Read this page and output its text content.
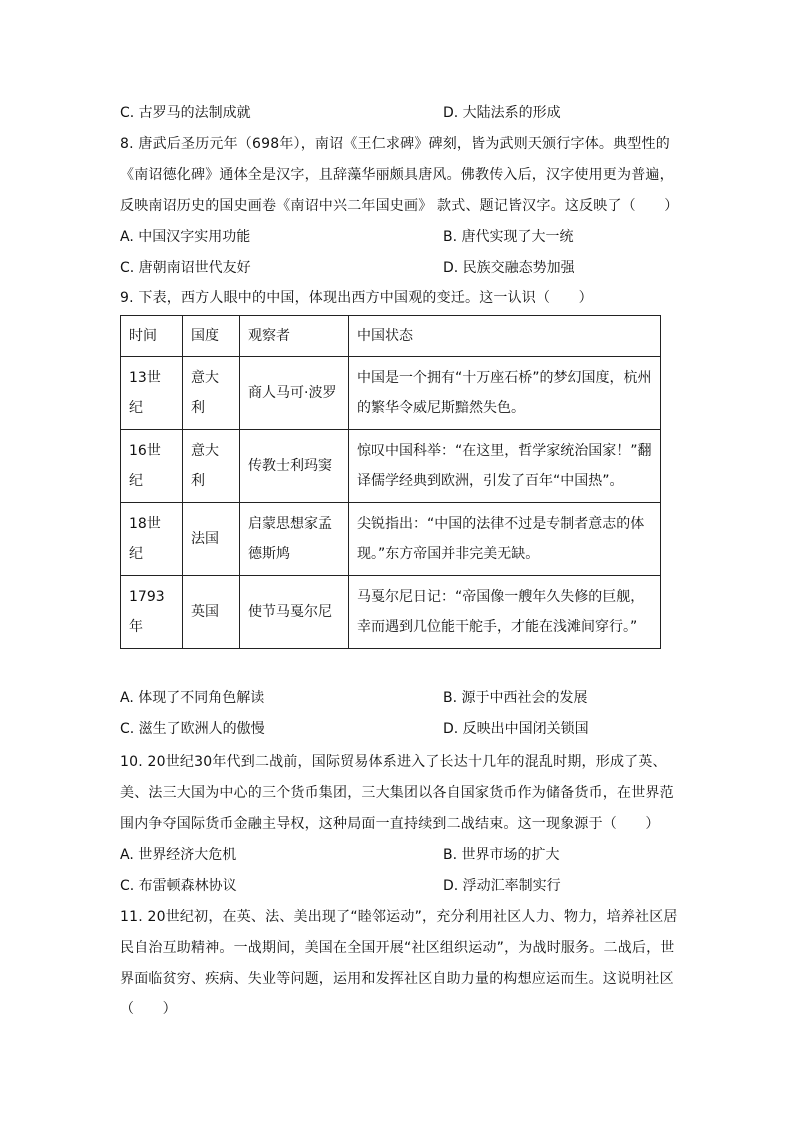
C. 古罗马的法制成就	D. 大陆法系的形成
8. 唐武后圣历元年（698年），南诏《王仁求碑》碑刻，皆为武则天颁行字体。典型性的
《南诏德化碑》通体全是汉字，且辞藻华丽颇具唐风。佛教传入后，汉字使用更为普遍，
反映南诏历史的国史画卷《南诏中兴二年国史画》 款式、题记皆汉字。这反映了（　　）
A. 中国汉字实用功能	B. 唐代实现了大一统
C. 唐朝南诏世代友好	D. 民族交融态势加强
9. 下表，西方人眼中的中国，体现出西方中国观的变迁。这一认识（　　）
时间	国度	观察者	中国状态
13世纪	意大利	商人马可·波罗	中国是一个拥有“十万座石桥”的梦幻国度，杭州的繁华令威尼斯黯然失色。
16世纪	意大利	传教士利玛窦	惊叹中国科举：“在这里，哲学家统治国家！”翻译儒学经典到欧洲，引发了百年“中国热”。
18世纪	法国	启蒙思想家孟德斯鸠	尖锐指出：“中国的法律不过是专制者意志的体现。”东方帝国并非完美无缺。
1793年	英国	使节马戛尔尼	马戛尔尼日记：“帝国像一艘年久失修的巨舰，幸而遇到几位能干舵手，才能在浅滩间穿行。”
A. 体现了不同角色解读	B. 源于中西社会的发展
C. 滋生了欧洲人的傲慢	D. 反映出中国闭关锁国
10. 20世纪30年代到二战前，国际贸易体系进入了长达十几年的混乱时期，形成了英、
美、法三大国为中心的三个货币集团，三大集团以各自国家货币作为储备货币，在世界范
围内争夺国际货币金融主导权，这种局面一直持续到二战结束。这一现象源于（　　）
A. 世界经济大危机	B. 世界市场的扩大
C. 布雷顿森林协议	D. 浮动汇率制实行
11. 20世纪初，在英、法、美出现了“睦邻运动”，充分利用社区人力、物力，培养社区居
民自治互助精神。一战期间，美国在全国开展“社区组织运动”，为战时服务。二战后，世
界面临贫穷、疾病、失业等问题，运用和发挥社区自助力量的构想应运而生。这说明社区
（　　）
